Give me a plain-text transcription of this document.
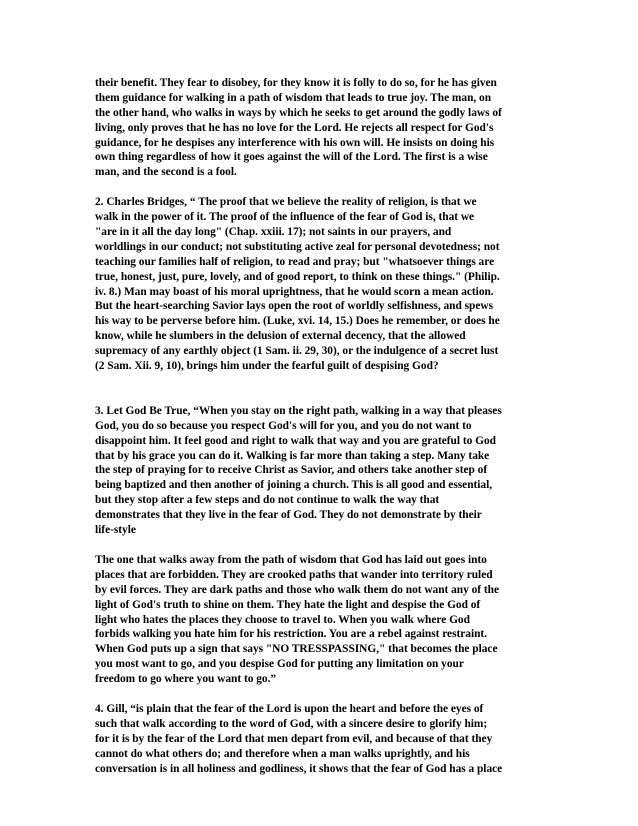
their benefit. They fear to disobey, for they know it is folly to do so, for he has given
them guidance for walking in a path of wisdom that leads to true joy. The man, on
the other hand, who walks in ways by which he seeks to get around the godly laws of
living, only proves that he has no love for the Lord. He rejects all respect for God's
guidance, for he despises any interference with his own will. He insists on doing his
own thing regardless of how it goes against the will of the Lord. The first is a wise
man, and the second is a fool.

2. Charles Bridges, “ The proof that we believe the reality of religion, is that we
walk in the power of it. The proof of the influence of the fear of God is, that we
"are in it all the day long" (Chap. xxiii. 17); not saints in our prayers, and
worldlings in our conduct; not substituting active zeal for personal devotedness; not
teaching our families half of religion, to read and pray; but "whatsoever things are
true, honest, just, pure, lovely, and of good report, to think on these things." (Philip.
iv. 8.) Man may boast of his moral uprightness, that he would scorn a mean action.
But the heart-searching Savior lays open the root of worldly selfishness, and spews
his way to be perverse before him. (Luke, xvi. 14, 15.) Does he remember, or does he
know, while he slumbers in the delusion of external decency, that the allowed
supremacy of any earthly object (1 Sam. ii. 29, 30), or the indulgence of a secret lust
(2 Sam. Xii. 9, 10), brings him under the fearful guilt of despising God?

3. Let God Be True, “When you stay on the right path, walking in a way that pleases
God, you do so because you respect God's will for you, and you do not want to
disappoint him. It feel good and right to walk that way and you are grateful to God
that by his grace you can do it. Walking is far more than taking a step. Many take
the step of praying for to receive Christ as Savior, and others take another step of
being baptized and then another of joining a church. This is all good and essential,
but they stop after a few steps and do not continue to walk the way that
demonstrates that they live in the fear of God. They do not demonstrate by their
life-style

The one that walks away from the path of wisdom that God has laid out goes into
places that are forbidden. They are crooked paths that wander into territory ruled
by evil forces. They are dark paths and those who walk them do not want any of the
light of God's truth to shine on them. They hate the light and despise the God of
light who hates the places they choose to travel to. When you walk where God
forbids walking you hate him for his restriction. You are a rebel against restraint.
When God puts up a sign that says "NO TRESSPASSING," that becomes the place
you most want to go, and you despise God for putting any limitation on your
freedom to go where you want to go.”

4. Gill, “is plain that the fear of the Lord is upon the heart and before the eyes of
such that walk according to the word of God, with a sincere desire to glorify him;
for it is by the fear of the Lord that men depart from evil, and because of that they
cannot do what others do; and therefore when a man walks uprightly, and his
conversation is in all holiness and godliness, it shows that the fear of God has a place
